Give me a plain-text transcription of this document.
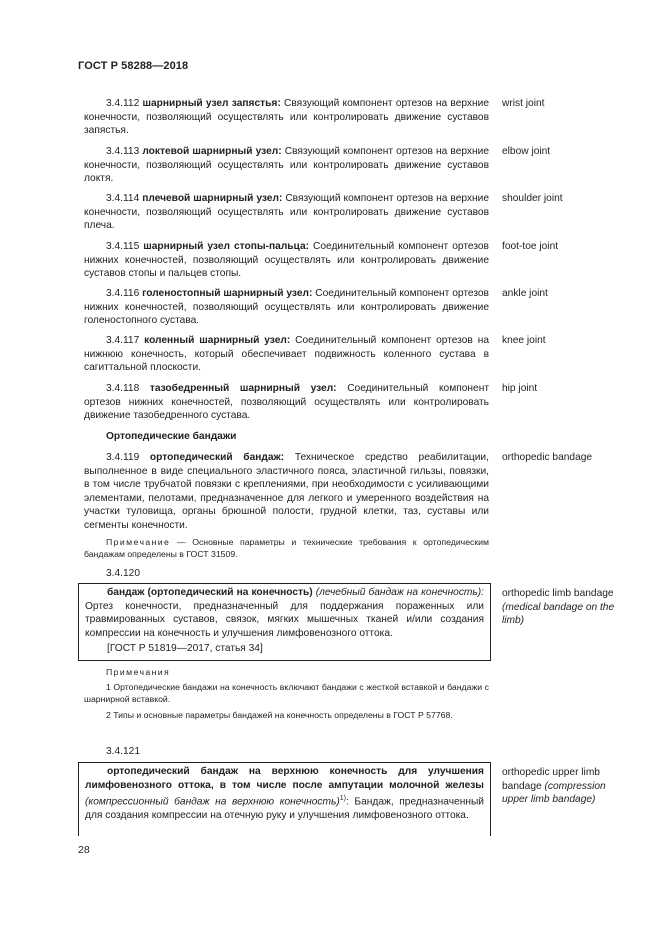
ГОСТ Р 58288—2018
3.4.112 шарнирный узел запястья: Связующий компонент ортезов на верхние конечности, позволяющий осуществлять или контролировать движение суставов запястья.
wrist joint
3.4.113 локтевой шарнирный узел: Связующий компонент ортезов на верхние конечности, позволяющий осуществлять или контролировать движение суставов локтя.
elbow joint
3.4.114 плечевой шарнирный узел: Связующий компонент ортезов на верхние конечности, позволяющий осуществлять или контролировать движение суставов плеча.
shoulder joint
3.4.115 шарнирный узел стопы-пальца: Соединительный компонент ортезов нижних конечностей, позволяющий осуществлять или контролировать движение суставов стопы и пальцев стопы.
foot-toe joint
3.4.116 голеностопный шарнирный узел: Соединительный компонент ортезов нижних конечностей, позволяющий осуществлять или контролировать движение голеностопного сустава.
ankle joint
3.4.117 коленный шарнирный узел: Соединительный компонент ортезов на нижнюю конечность, который обеспечивает подвижность коленного сустава в сагиттальной плоскости.
knee joint
3.4.118 тазобедренный шарнирный узел: Соединительный компонент ортезов нижних конечностей, позволяющий осуществлять или контролировать движение тазобедренного сустава.
hip joint
Ортопедические бандажи
3.4.119 ортопедический бандаж: Техническое средство реабилитации, выполненное в виде специального эластичного пояса, эластичной гильзы, повязки, в том числе трубчатой повязки с креплениями, при необходимости с усиливающими элементами, пелотами, предназначенное для легкого и умеренного воздействия на участки туловища, органы брюшной полости, грудной клетки, таз, суставы или сегменты конечности.
orthopedic bandage
Примечание — Основные параметры и технические требования к ортопедическим бандажам определены в ГОСТ 31509.
3.4.120
бандаж (ортопедический на конечность) (лечебный бандаж на конечность): Ортез конечности, предназначенный для поддержания пораженных или травмированных суставов, связок, мягких мышечных тканей и/или создания компрессии на конечность и улучшения лимфовенозного оттока.
[ГОСТ Р 51819—2017, статья 34]
orthopedic limb bandage (medical bandage on the limb)
Примечания
1 Ортопедические бандажи на конечность включают бандажи с жесткой вставкой и бандажи с шарнирной вставкой.
2 Типы и основные параметры бандажей на конечность определены в ГОСТ Р 57768.
3.4.121
ортопедический бандаж на верхнюю конечность для улучшения лимфовенозного оттока, в том числе после ампутации молочной железы (компрессионный бандаж на верхнюю конечность)$^{1)}$: Бандаж, предназначенный для создания компрессии на отечную руку и улучшения лимфовенозного оттока.
orthopedic upper limb bandage (compression upper limb bandage)
28
